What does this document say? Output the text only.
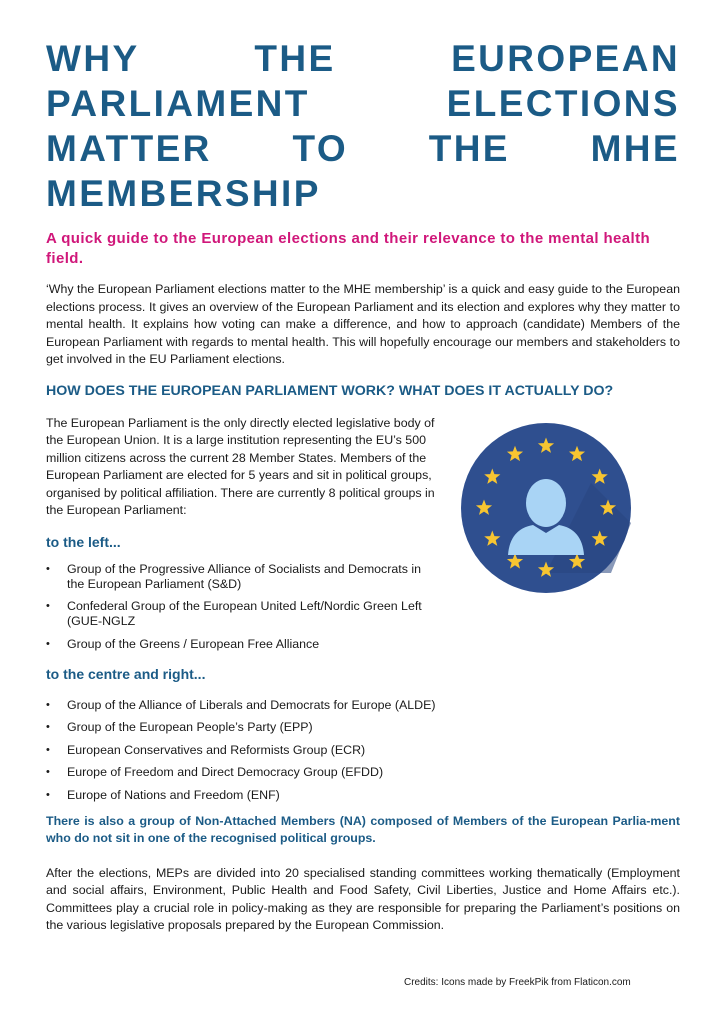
WHY THE EUROPEAN PARLIAMENT ELECTIONS MATTER TO THE MHE MEMBERSHIP
A quick guide to the European elections and their relevance to the mental health field.

‘Why the European Parliament elections matter to the MHE membership’ is a quick and easy guide to the European elections process. It gives an overview of the European Parliament and its election and explores why they matter to mental health. It explains how voting can make a difference, and how to approach (candidate) Members of the European Parliament with regards to mental health. This will hopefully encourage our members and stakeholders to get involved in the EU Parliament elections.

HOW DOES THE EUROPEAN PARLIAMENT WORK? WHAT DOES IT ACTUALLY DO?

The European Parliament is the only directly elected legislative body of the European Union. It is a large institution representing the EU’s 500 million citizens across the current 28 Member States. Members of the European Parliament are elected for 5 years and sit in political groups, organised by political affiliation. There are currently 8 political groups in the European Parliament:

to the left...
• Group of the Progressive Alliance of Socialists and Democrats in the European Parliament (S&D)
• Confederal Group of the European United Left/Nordic Green Left (GUE-NGLZ
• Group of the Greens / European Free Alliance
to the centre and right...
• Group of the Alliance of Liberals and Democrats for Europe (ALDE)
• Group of the European People’s Party (EPP)
• European Conservatives and Reformists Group (ECR)
• Europe of Freedom and Direct Democracy Group (EFDD)
• Europe of Nations and Freedom (ENF)
There is also a group of Non-Attached Members (NA) composed of Members of the European Parlia-ment who do not sit in one of the recognised political groups.

After the elections, MEPs are divided into 20 specialised standing committees working thematically (Employment and social affairs, Environment, Public Health and Food Safety, Civil Liberties, Justice and Home Affairs etc.). Committees play a crucial role in policy-making as they are responsible for preparing the Parliament’s positions on the various legislative proposals prepared by the European Commission.

Credits: Icons made by FreekPik from Flaticon.com
